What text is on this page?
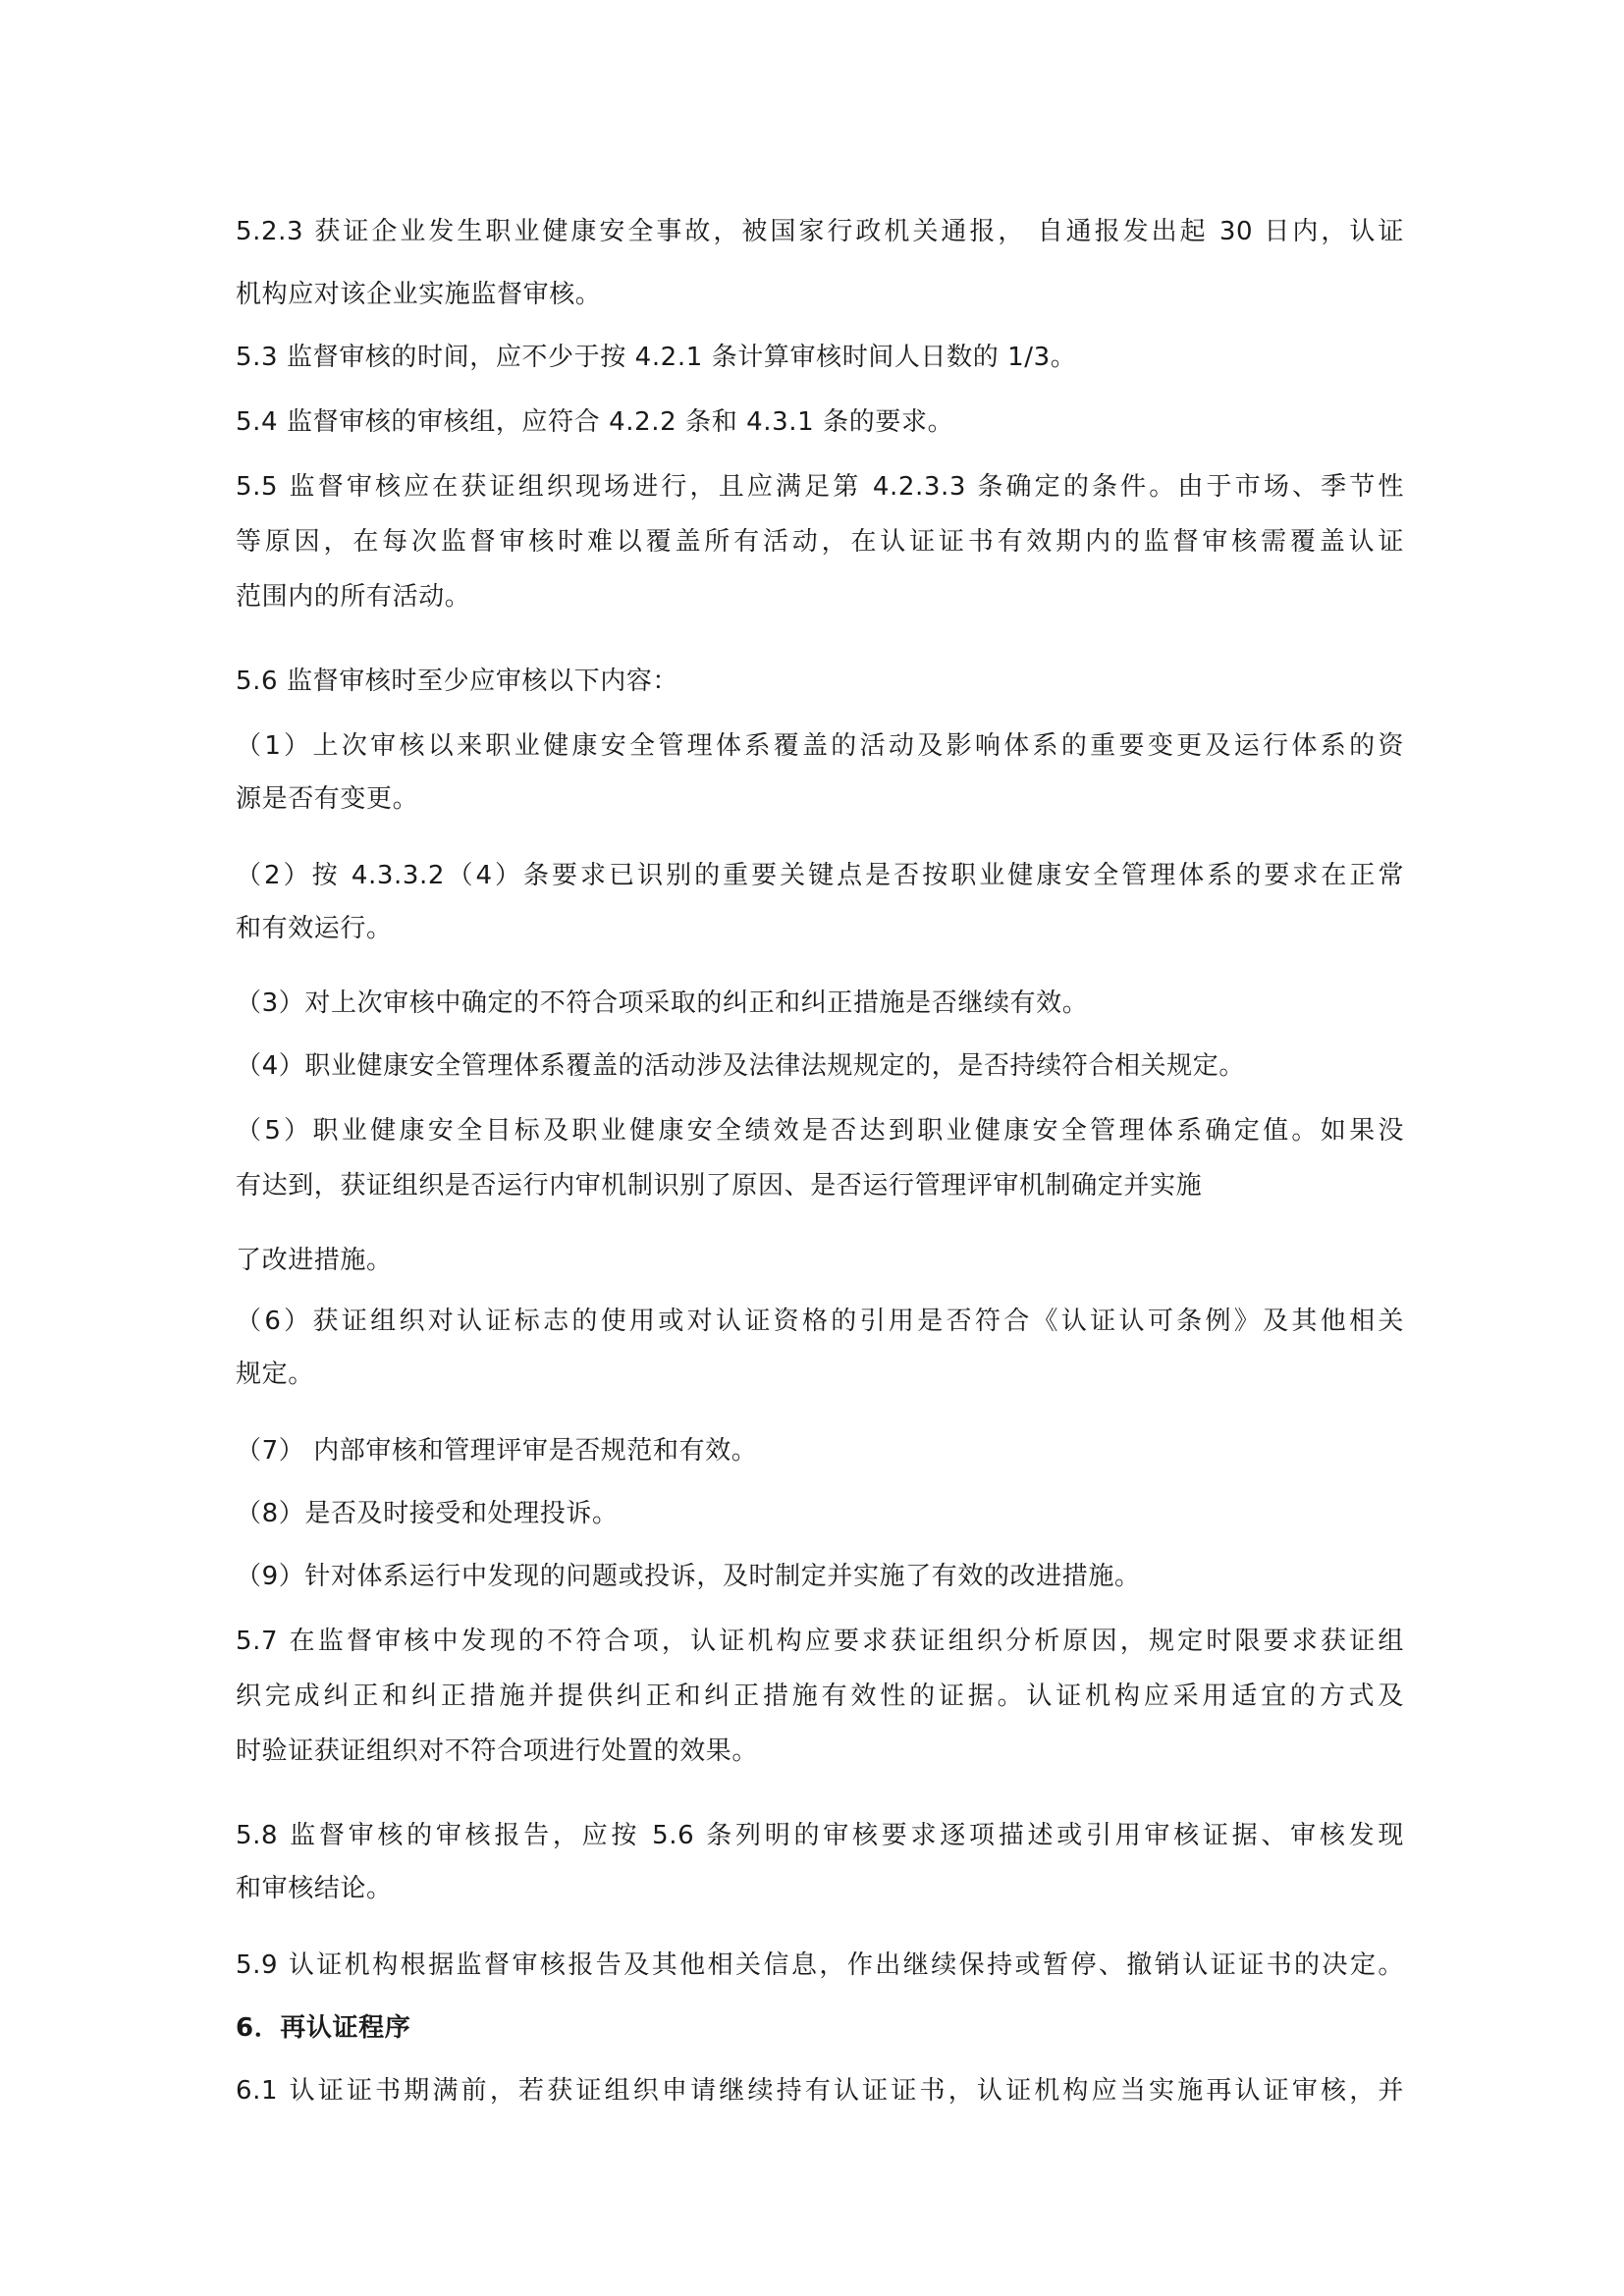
5.2.3 获证企业发生职业健康安全事故，被国家行政机关通报， 自通报发出起 30 日内，认证

机构应对该企业实施监督审核。

5.3 监督审核的时间，应不少于按 4.2.1 条计算审核时间人日数的 1/3。

5.4 监督审核的审核组，应符合 4.2.2 条和 4.3.1 条的要求。

5.5 监督审核应在获证组织现场进行，且应满足第 4.2.3.3 条确定的条件。由于市场、季节性

等原因，在每次监督审核时难以覆盖所有活动，在认证证书有效期内的监督审核需覆盖认证

范围内的所有活动。

5.6 监督审核时至少应审核以下内容：

（1）上次审核以来职业健康安全管理体系覆盖的活动及影响体系的重要变更及运行体系的资

源是否有变更。

（2）按 4.3.3.2（4）条要求已识别的重要关键点是否按职业健康安全管理体系的要求在正常

和有效运行。

（3）对上次审核中确定的不符合项采取的纠正和纠正措施是否继续有效。

（4）职业健康安全管理体系覆盖的活动涉及法律法规规定的，是否持续符合相关规定。

（5）职业健康安全目标及职业健康安全绩效是否达到职业健康安全管理体系确定值。如果没

有达到，获证组织是否运行内审机制识别了原因、是否运行管理评审机制确定并实施

了改进措施。

（6）获证组织对认证标志的使用或对认证资格的引用是否符合《认证认可条例》及其他相关

规定。

（7） 内部审核和管理评审是否规范和有效。

（8）是否及时接受和处理投诉。

（9）针对体系运行中发现的问题或投诉，及时制定并实施了有效的改进措施。

5.7 在监督审核中发现的不符合项，认证机构应要求获证组织分析原因，规定时限要求获证组

织完成纠正和纠正措施并提供纠正和纠正措施有效性的证据。认证机构应采用适宜的方式及

时验证获证组织对不符合项进行处置的效果。

5.8 监督审核的审核报告，应按 5.6 条列明的审核要求逐项描述或引用审核证据、审核发现

和审核结论。

5.9 认证机构根据监督审核报告及其他相关信息，作出继续保持或暂停、撤销认证证书的决定。

6．再认证程序

6.1 认证证书期满前，若获证组织申请继续持有认证证书，认证机构应当实施再认证审核，并
